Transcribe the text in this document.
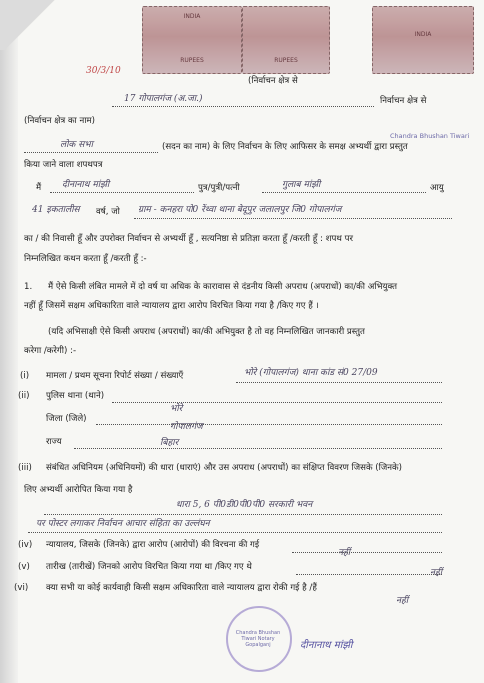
INDIA
RUPEES	RUPEES
INDIA
30/3/10
Chandra Bhushan Tiwari
(निर्वाचन क्षेत्र से
17 गोपालगंज (अ.जा.)	निर्वाचन क्षेत्र से
(निर्वाचन क्षेत्र का नाम)
लोक सभा	(सदन का नाम) के लिए निर्वाचन के लिए आफिसर के समक्ष अभ्यर्थी द्वारा प्रस्तुत
किया जाने वाला शपथपत्र
मैं दीनानाथ मांझी	पुत्र/पुत्री/पत्नी	गुलाब मांझी	आयु
41 इकतालीस वर्ष, जो ग्राम - कनहरा पो0 रेंथ्वा थाना बेदूपुर जलालपुर जि0 गोपालगंज
का / की निवासी हूँ और उपरोक्त निर्वाचन से अभ्यर्थी हूँ , सत्यनिष्ठा से प्रतिज्ञा करता हूँ /करती हूँ : शपथ पर
निम्नलिखित कथन करता हूँ /करती हूँ :-
1. मैं ऐसे किसी लंबित मामले में दो वर्ष या अधिक के कारावास से दंडनीय किसी अपराध (अपराधों) का/की अभियुक्त
नहीं हूँ जिसमें सक्षम अधिकारिता वाले न्यायालय द्वारा आरोप विरचित किया गया है /किए गए हैं ।
(यदि अभिसाक्षी ऐसे किसी अपराध (अपराधों) का/की अभियुक्त है तो वह निम्नलिखित जानकारी प्रस्तुत
करेगा /करेगी) :-
(i) मामला / प्रथम सूचना रिपोर्ट संख्या / संख्याएँ	भोरे (गोपालगंज) थाना कांड सं0 27/09
(ii) पुलिस थाना (थाने)
भोरे
जिला (जिले)
गोपालगंज
राज्य	बिहार
(iii) संबंधित अधिनियम (अधिनियमों) की धारा (धाराएं) और उस अपराध (अपराधों) का संक्षिप्त विवरण जिसके (जिनके)
लिए अभ्यर्थी आरोपित किया गया है
धारा 5, 6 पी0डी0पी0पी0 सरकारी भवन
पर पोस्टर लगाकर निर्वाचन आचार संहिता का उल्लंघन
(iv) न्यायालय, जिसके (जिनके) द्वारा आरोप (आरोपों) की विरचना की गई
नहीं
(v) तारीख (तारीखें) जिनको आरोप विरचित किया गया था /किए गए थे
नहीं
(vi) क्या सभी या कोई कार्यवाही किसी सक्षम अधिकारिता वाले न्यायालय द्वारा रोकी गई है /हैं
नहीं
Chandra Bhushan Tiwari Notary Gopalganj	दीनानाथ मांझी
